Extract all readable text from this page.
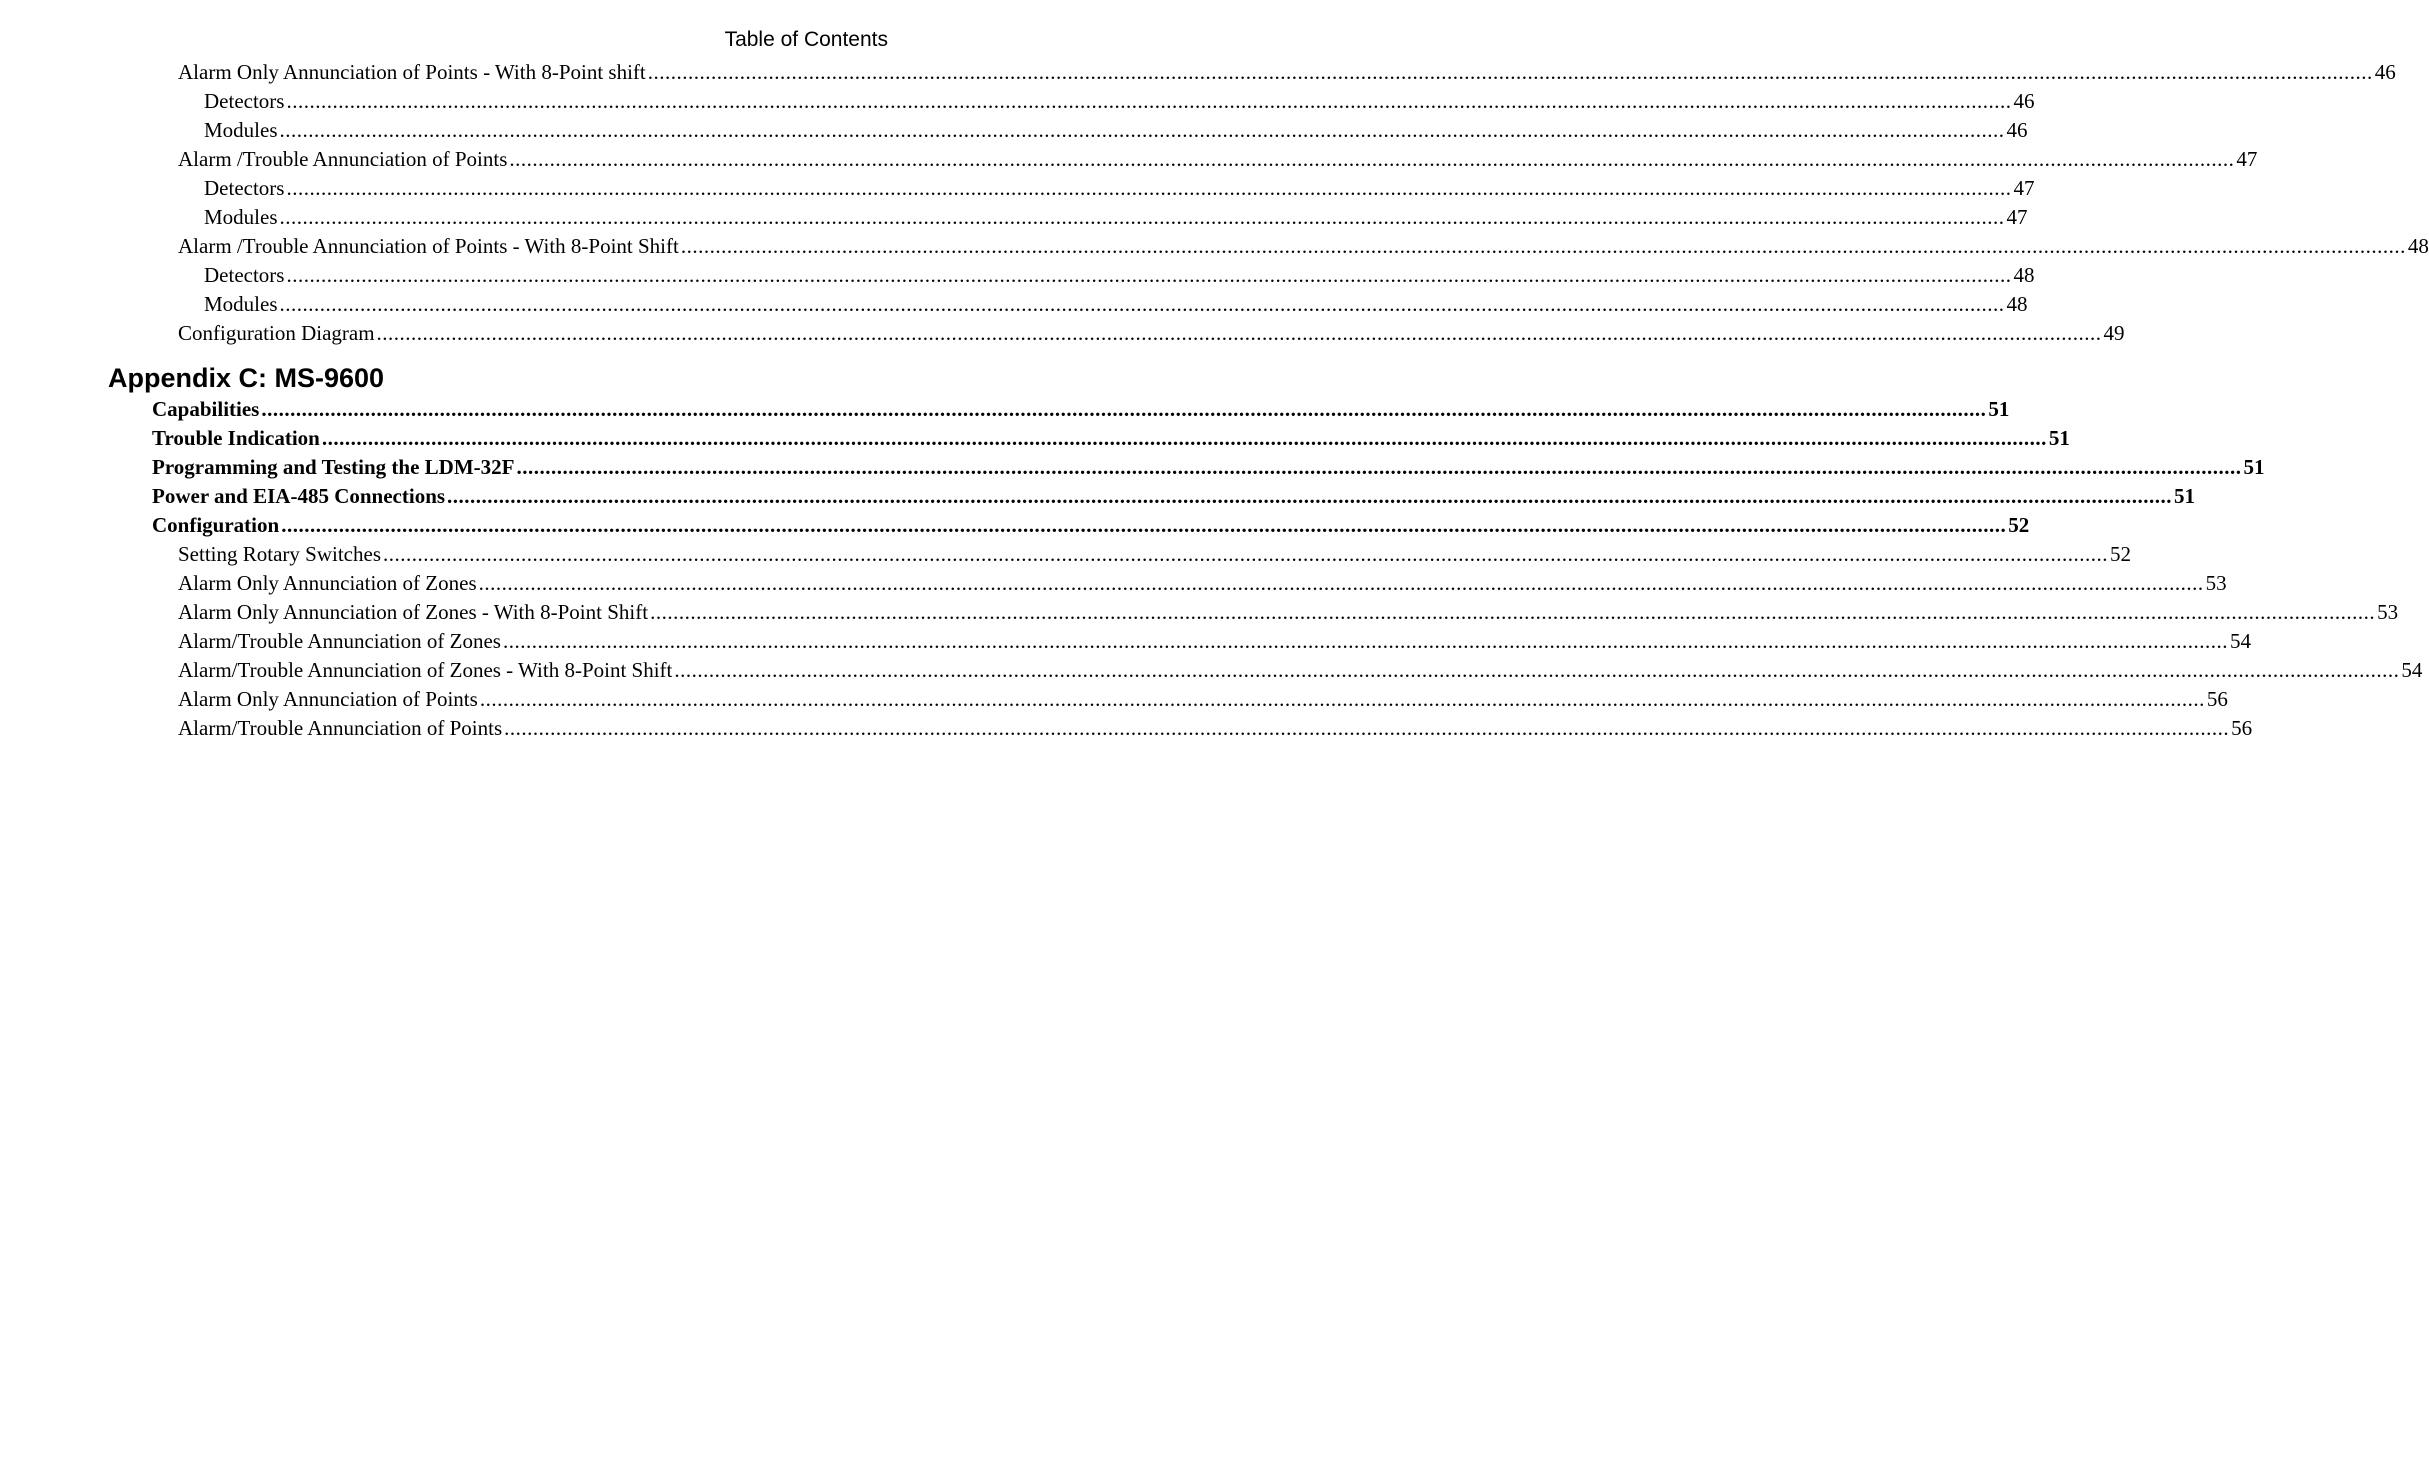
Table of Contents
Alarm Only Annunciation of Points - With 8-Point shift ............................................................................................................................................................................................................................................................................................................ 46
Detectors ............................................................................................................................................................................................................................................................................................................ 46
Modules ............................................................................................................................................................................................................................................................................................................ 46
Alarm /Trouble Annunciation of Points ............................................................................................................................................................................................................................................................................................................ 47
Detectors ............................................................................................................................................................................................................................................................................................................ 47
Modules ............................................................................................................................................................................................................................................................................................................ 47
Alarm /Trouble Annunciation of Points - With 8-Point Shift ............................................................................................................................................................................................................................................................................................................ 48
Detectors ............................................................................................................................................................................................................................................................................................................ 48
Modules ............................................................................................................................................................................................................................................................................................................ 48
Configuration Diagram ............................................................................................................................................................................................................................................................................................................ 49
Capabilities ............................................................................................................................................................................................................................................................................................................ 51
Trouble Indication ............................................................................................................................................................................................................................................................................................................ 51
Programming and Testing the LDM-32F ............................................................................................................................................................................................................................................................................................................ 51
Power and EIA-485 Connections ............................................................................................................................................................................................................................................................................................................ 51
Configuration ............................................................................................................................................................................................................................................................................................................ 52
Setting Rotary Switches ............................................................................................................................................................................................................................................................................................................ 52
Alarm Only Annunciation of Zones ............................................................................................................................................................................................................................................................................................................ 53
Alarm Only Annunciation of Zones - With 8-Point Shift ............................................................................................................................................................................................................................................................................................................ 53
Alarm/Trouble Annunciation of Zones ............................................................................................................................................................................................................................................................................................................ 54
Alarm/Trouble Annunciation of Zones - With 8-Point Shift ............................................................................................................................................................................................................................................................................................................ 54
Alarm Only Annunciation of Points ............................................................................................................................................................................................................................................................................................................ 56
Alarm/Trouble Annunciation of Points ............................................................................................................................................................................................................................................................................................................ 56
Appendix C: MS-9600
